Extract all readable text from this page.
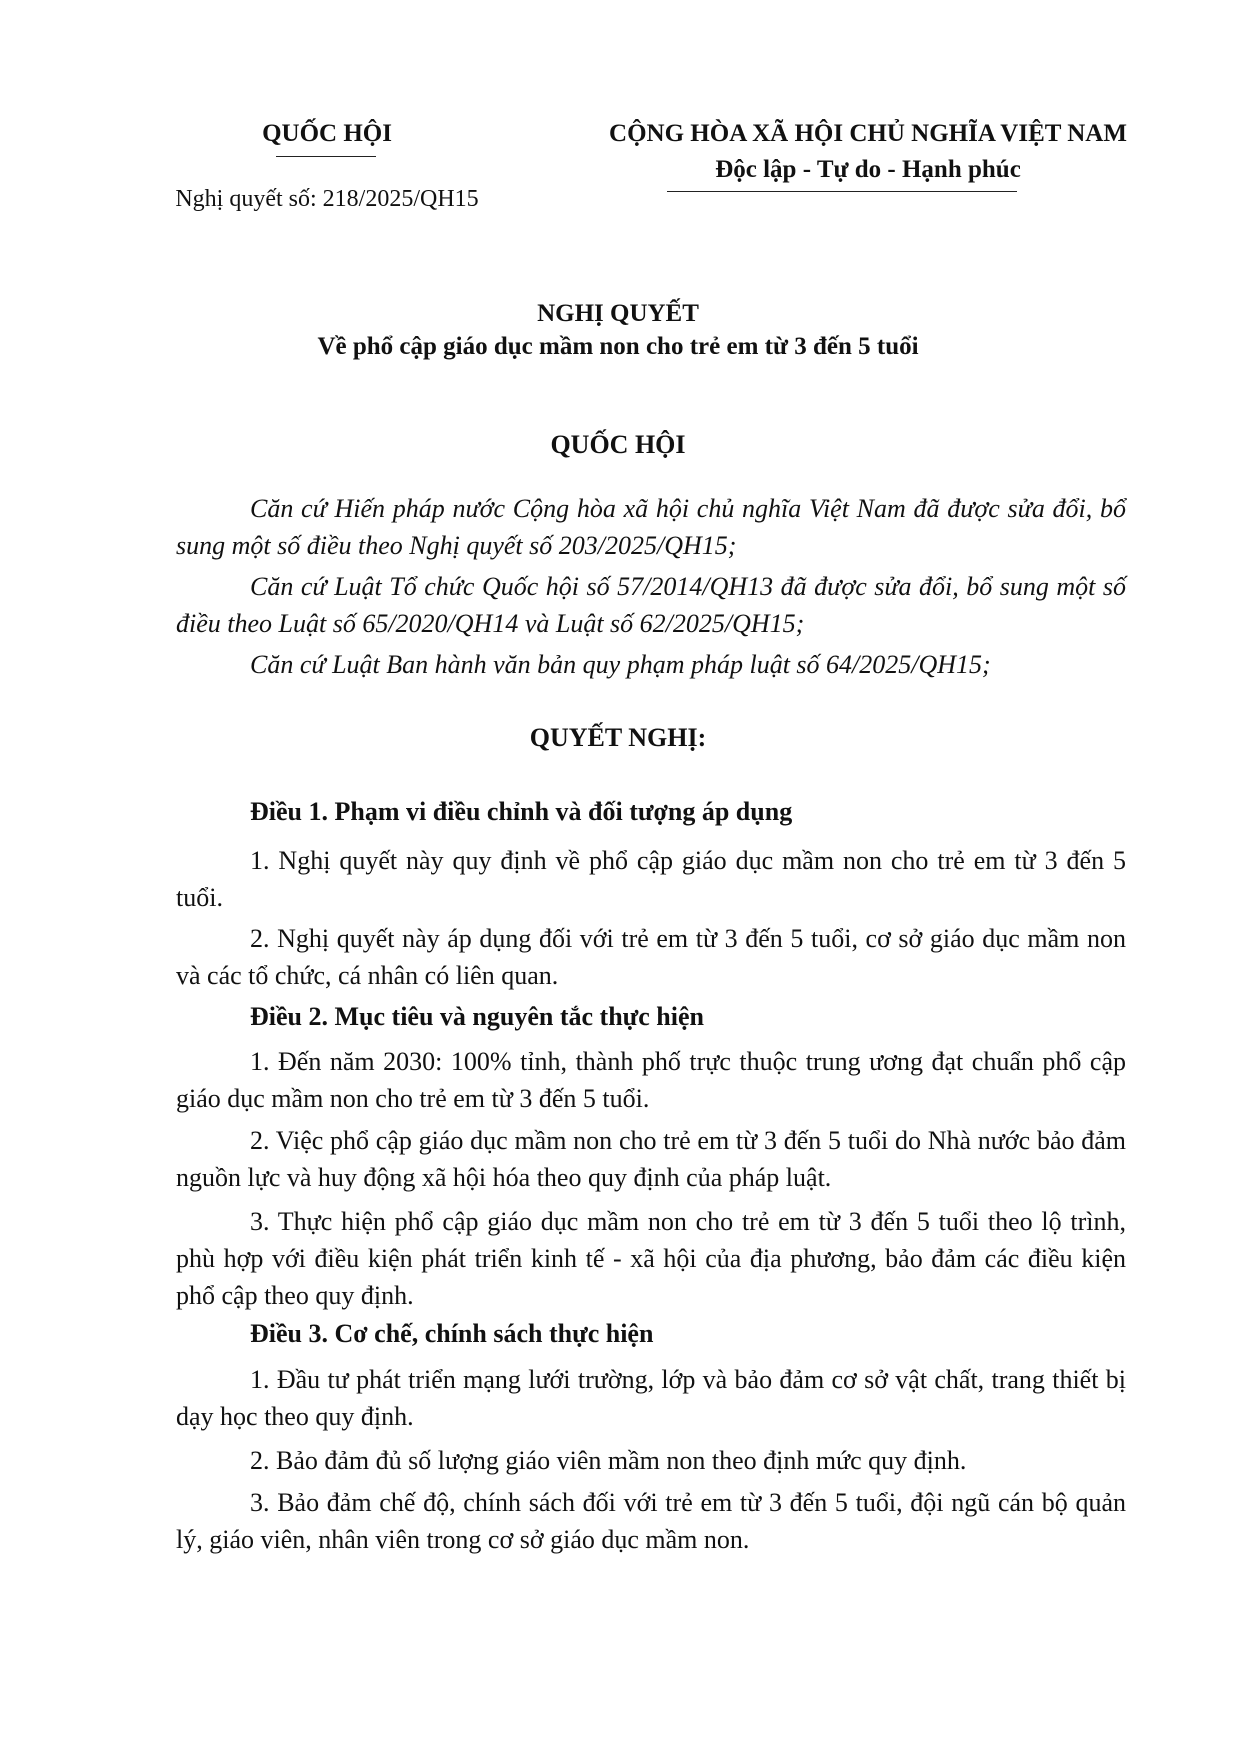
QUỐC HỘI
Nghị quyết số: 218/2025/QH15
CỘNG HÒA XÃ HỘI CHỦ NGHĨA VIỆT NAM
Độc lập - Tự do - Hạnh phúc
NGHỊ QUYẾT
Về phổ cập giáo dục mầm non cho trẻ em từ 3 đến 5 tuổi
QUỐC HỘI
Căn cứ Hiến pháp nước Cộng hòa xã hội chủ nghĩa Việt Nam đã được sửa đổi, bổ sung một số điều theo Nghị quyết số 203/2025/QH15;
Căn cứ Luật Tổ chức Quốc hội số 57/2014/QH13 đã được sửa đổi, bổ sung một số điều theo Luật số 65/2020/QH14 và Luật số 62/2025/QH15;
Căn cứ Luật Ban hành văn bản quy phạm pháp luật số 64/2025/QH15;
QUYẾT NGHỊ:
Điều 1. Phạm vi điều chỉnh và đối tượng áp dụng
1. Nghị quyết này quy định về phổ cập giáo dục mầm non cho trẻ em từ 3 đến 5 tuổi.
2. Nghị quyết này áp dụng đối với trẻ em từ 3 đến 5 tuổi, cơ sở giáo dục mầm non và các tổ chức, cá nhân có liên quan.
Điều 2. Mục tiêu và nguyên tắc thực hiện
1. Đến năm 2030: 100% tỉnh, thành phố trực thuộc trung ương đạt chuẩn phổ cập giáo dục mầm non cho trẻ em từ 3 đến 5 tuổi.
2. Việc phổ cập giáo dục mầm non cho trẻ em từ 3 đến 5 tuổi do Nhà nước bảo đảm nguồn lực và huy động xã hội hóa theo quy định của pháp luật.
3. Thực hiện phổ cập giáo dục mầm non cho trẻ em từ 3 đến 5 tuổi theo lộ trình, phù hợp với điều kiện phát triển kinh tế - xã hội của địa phương, bảo đảm các điều kiện phổ cập theo quy định.
Điều 3. Cơ chế, chính sách thực hiện
1. Đầu tư phát triển mạng lưới trường, lớp và bảo đảm cơ sở vật chất, trang thiết bị dạy học theo quy định.
2. Bảo đảm đủ số lượng giáo viên mầm non theo định mức quy định.
3. Bảo đảm chế độ, chính sách đối với trẻ em từ 3 đến 5 tuổi, đội ngũ cán bộ quản lý, giáo viên, nhân viên trong cơ sở giáo dục mầm non.
